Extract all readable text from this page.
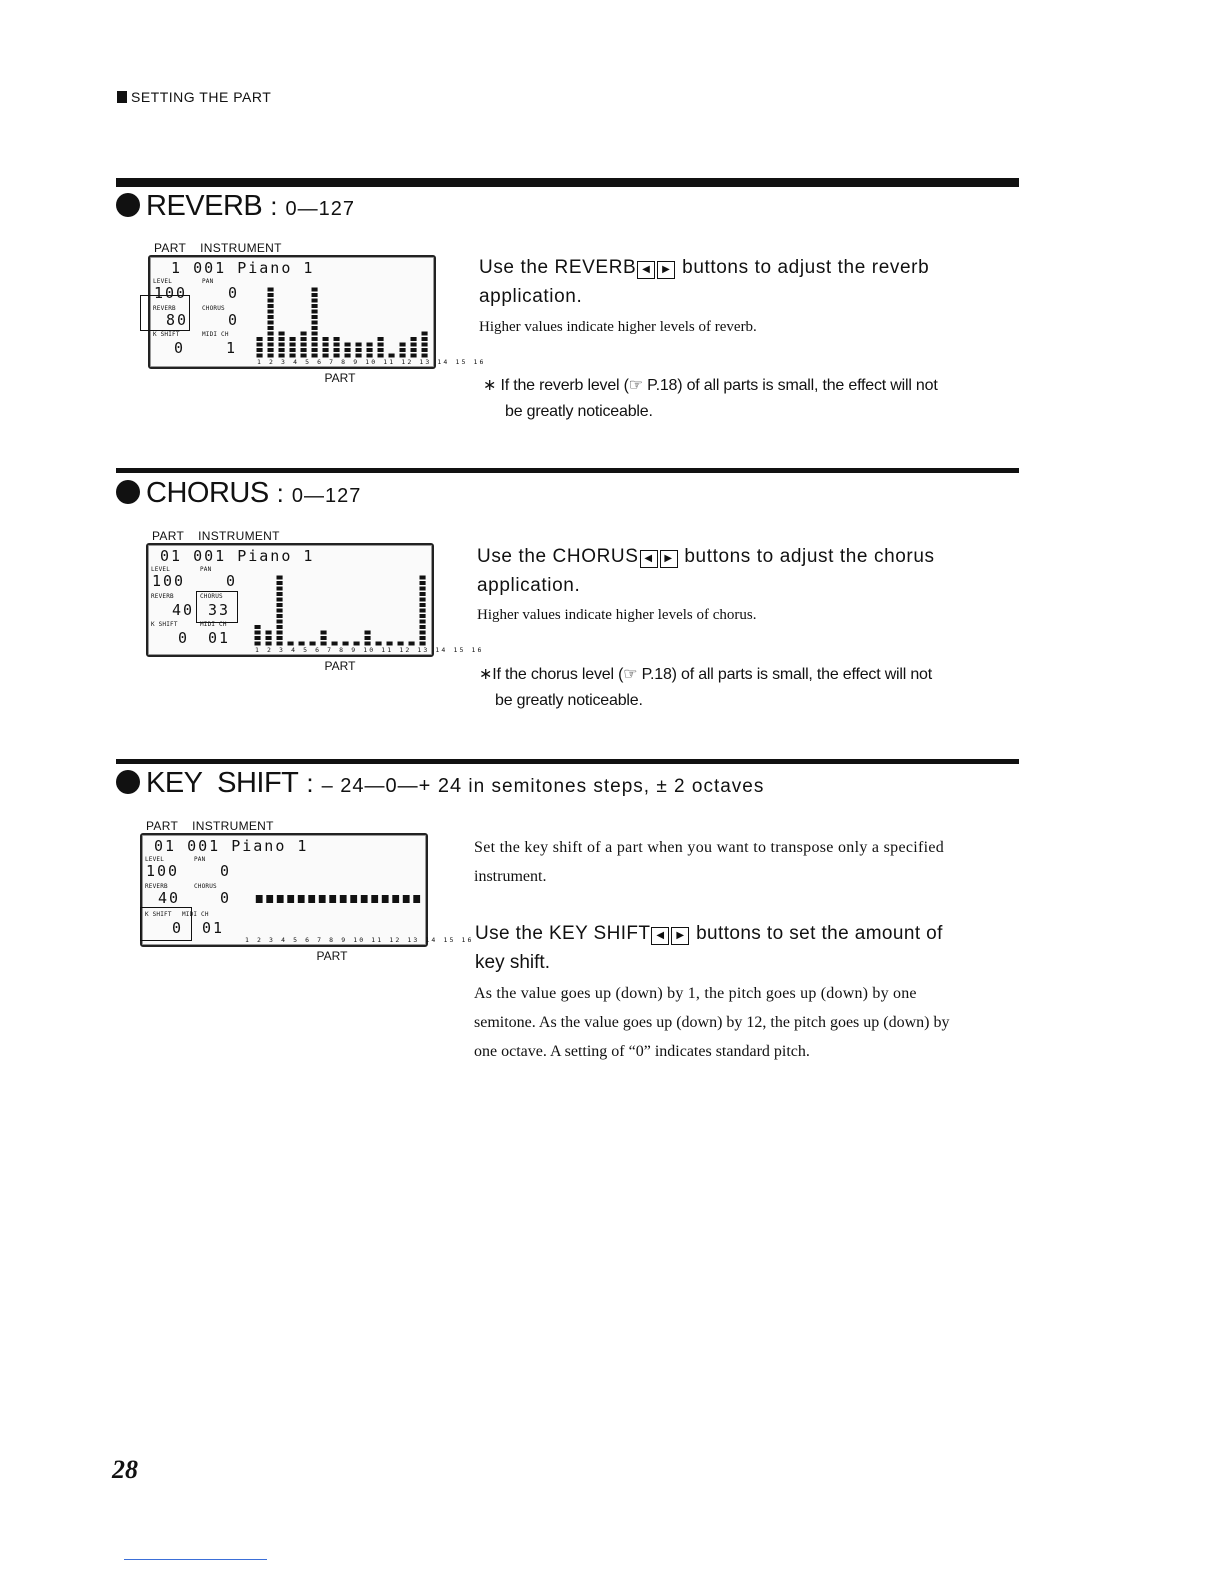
SETTING THE PART
REVERB : 0—127
PART INSTRUMENT
1 001 Piano 1
LEVEL	PAN
100	0
REVERB	CHORUS
80	0
K SHIFT	MIDI CH
0	1
1 2 3 4 5 6 7 8 9 10 11 12 13 14 15 16
PART
Use the REVERB ◀ ▶ buttons to adjust the reverb
application.
Higher values indicate higher levels of reverb.
∗ If the reverb level (☞ P.18) of all parts is small, the effect will not
be greatly noticeable.
CHORUS : 0—127
PART INSTRUMENT
01 001 Piano 1
LEVEL	PAN
100	0
REVERB	CHORUS
40 33
K SHIFT	MIDI CH
0 01
1 2 3 4 5 6 7 8 9 10 11 12 13 14 15 16
PART
Use the CHORUS ◀ ▶ buttons to adjust the chorus
application.
Higher values indicate higher levels of chorus.
∗If the chorus level (☞ P.18) of all parts is small, the effect will not
be greatly noticeable.
KEY  SHIFT : – 24—0—+ 24 in semitones steps, ± 2 octaves
PART INSTRUMENT
01 001 Piano 1
LEVEL	PAN
100	0
REVERB	CHORUS
40	0
K SHIFT MIDI CH
0 01
1 2 3 4 5 6 7 8 9 10 11 12 13 14 15 16
PART
Set the key shift of a part when you want to transpose only a specified
instrument.
Use the KEY SHIFT ◀ ▶ buttons to set the amount of
key shift.
As the value goes up (down) by 1, the pitch goes up (down) by one
semitone. As the value goes up (down) by 12, the pitch goes up (down) by
one octave. A setting of “0” indicates standard pitch.
28
